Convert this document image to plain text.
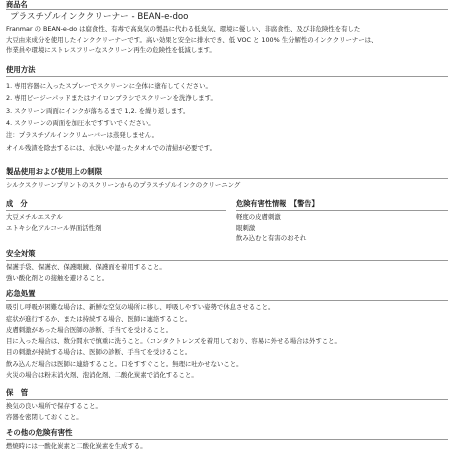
商品名
プラスチゾルインククリーナー - BEAN-e-doo
Franmar の BEAN-e-do は腐食性、有毒で高臭気の製品に代わる低臭気、環境に優しい、非腐食性、及び非危険性を有した
大豆由来成分を使用したインククリーナーです。高い効果と安全に排水でき、低 VOC と 100% 生分解性のインククリーナーは、
作業員や環境にストレスフリーなスクリーン再生の危険性を低減します。
使用方法
1. 専用容器に入ったスプレーでスクリーンに全体に塗布してください。
2. 専用ビージーパッドまたはナイロンブラシでスクリーンを洗浄します。
3. スクリーン両面にインクが落ちるまで 1,2. を繰り返します。
4. スクリーンの両面を加圧水ですすいでください。
注：プラスチゾルインクリムーバーは蒸発しません。
オイル残渣を除去するには、水洗いや湿ったタオルでの清掃が必要です。
製品使用および使用上の制限
シルクスクリーンプリントのスクリーンからのプラスチゾルインクのクリーニング
成　分
大豆メチルエステル
エトキシ化アルコール界面活性剤
危険有害性情報　【警告】
軽度の皮膚刺激
眼刺激
飲み込むと有害のおそれ
安全対策
保護手袋、保護衣、保護眼鏡、保護面を着用すること。
強い酸化剤との接触を避けること。
応急処置
吸引し呼吸が困難な場合は、新鮮な空気の場所に移し、呼吸しやすい姿勢で休息させること。
症状が進行するか、または持続する場合、医師に連絡すること。
皮膚刺激があった場合医師の診断、手当てを受けること。
目に入った場合は、数分間水で慎重に洗うこと。（コンタクトレンズを着用しており、容易に外せる場合は外すこと。
目の刺激が持続する場合は、医師の診断、手当てを受けること。
飲み込んだ場合は医師に連絡すること。口をすすぐこと。無理に吐かせないこと。
火災の場合は粉末消火剤、泡消化剤、二酸化炭素で消化すること。
保　管
換気の良い場所で保存すること。
容器を密閉しておくこと。
その他の危険有害性
燃焼時には一酸化炭素と二酸化炭素を生成する。
